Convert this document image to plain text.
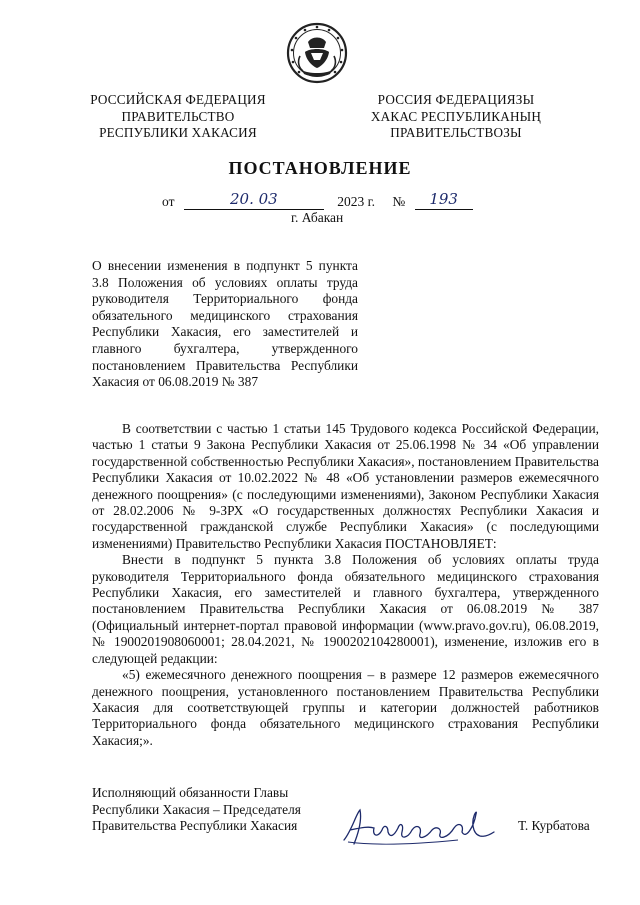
РОССИЙСКАЯ ФЕДЕРАЦИЯ
ПРАВИТЕЛЬСТВО
РЕСПУБЛИКИ ХАКАСИЯ
РОССИЯ ФЕДЕРАЦИЯЗЫ
ХАКАС РЕСПУБЛИКАНЫҢ
ПРАВИТЕЛЬСТВОЗЫ
ПОСТАНОВЛЕНИЕ
от	20. 03	2023 г. № 193
г. Абакан
О внесении изменения в подпункт 5 пункта 3.8 Положения об условиях оплаты труда руководителя Территориального фонда обязательного медицинского страхования Республики Хакасия, его заместителей и главного бухгалтера, утвержденного постановлением Правительства Республики Хакасия от 06.08.2019 № 387

В соответствии с частью 1 статьи 145 Трудового кодекса Российской Федерации, частью 1 статьи 9 Закона Республики Хакасия от 25.06.1998 № 34 «Об управлении государственной собственностью Республики Хакасия», постановлением Правительства Республики Хакасия от 10.02.2022 № 48 «Об установлении размеров ежемесячного денежного поощрения» (с последующими изменениями), Законом Республики Хакасия от 28.02.2006 № 9-ЗРХ «О государственных должностях Республики Хакасия и государственной гражданской службе Республики Хакасия» (с последующими изменениями) Правительство Республики Хакасия ПОСТАНОВЛЯЕТ:

Внести в подпункт 5 пункта 3.8 Положения об условиях оплаты труда руководителя Территориального фонда обязательного медицинского страхования Республики Хакасия, его заместителей и главного бухгалтера, утвержденного постановлением Правительства Республики Хакасия от 06.08.2019 № 387 (Официальный интернет-портал правовой информации (www.pravo.gov.ru), 06.08.2019, № 1900201908060001; 28.04.2021, № 1900202104280001), изменение, изложив его в следующей редакции:

«5) ежемесячного денежного поощрения – в размере 12 размеров ежемесячного денежного поощрения, установленного постановлением Правительства Республики Хакасия для соответствующей группы и категории должностей работников Территориального фонда обязательного медицинского страхования Республики Хакасия;».

Исполняющий обязанности Главы
Республики Хакасия – Председателя
Правительства Республики Хакасия	Т. Курбатова
